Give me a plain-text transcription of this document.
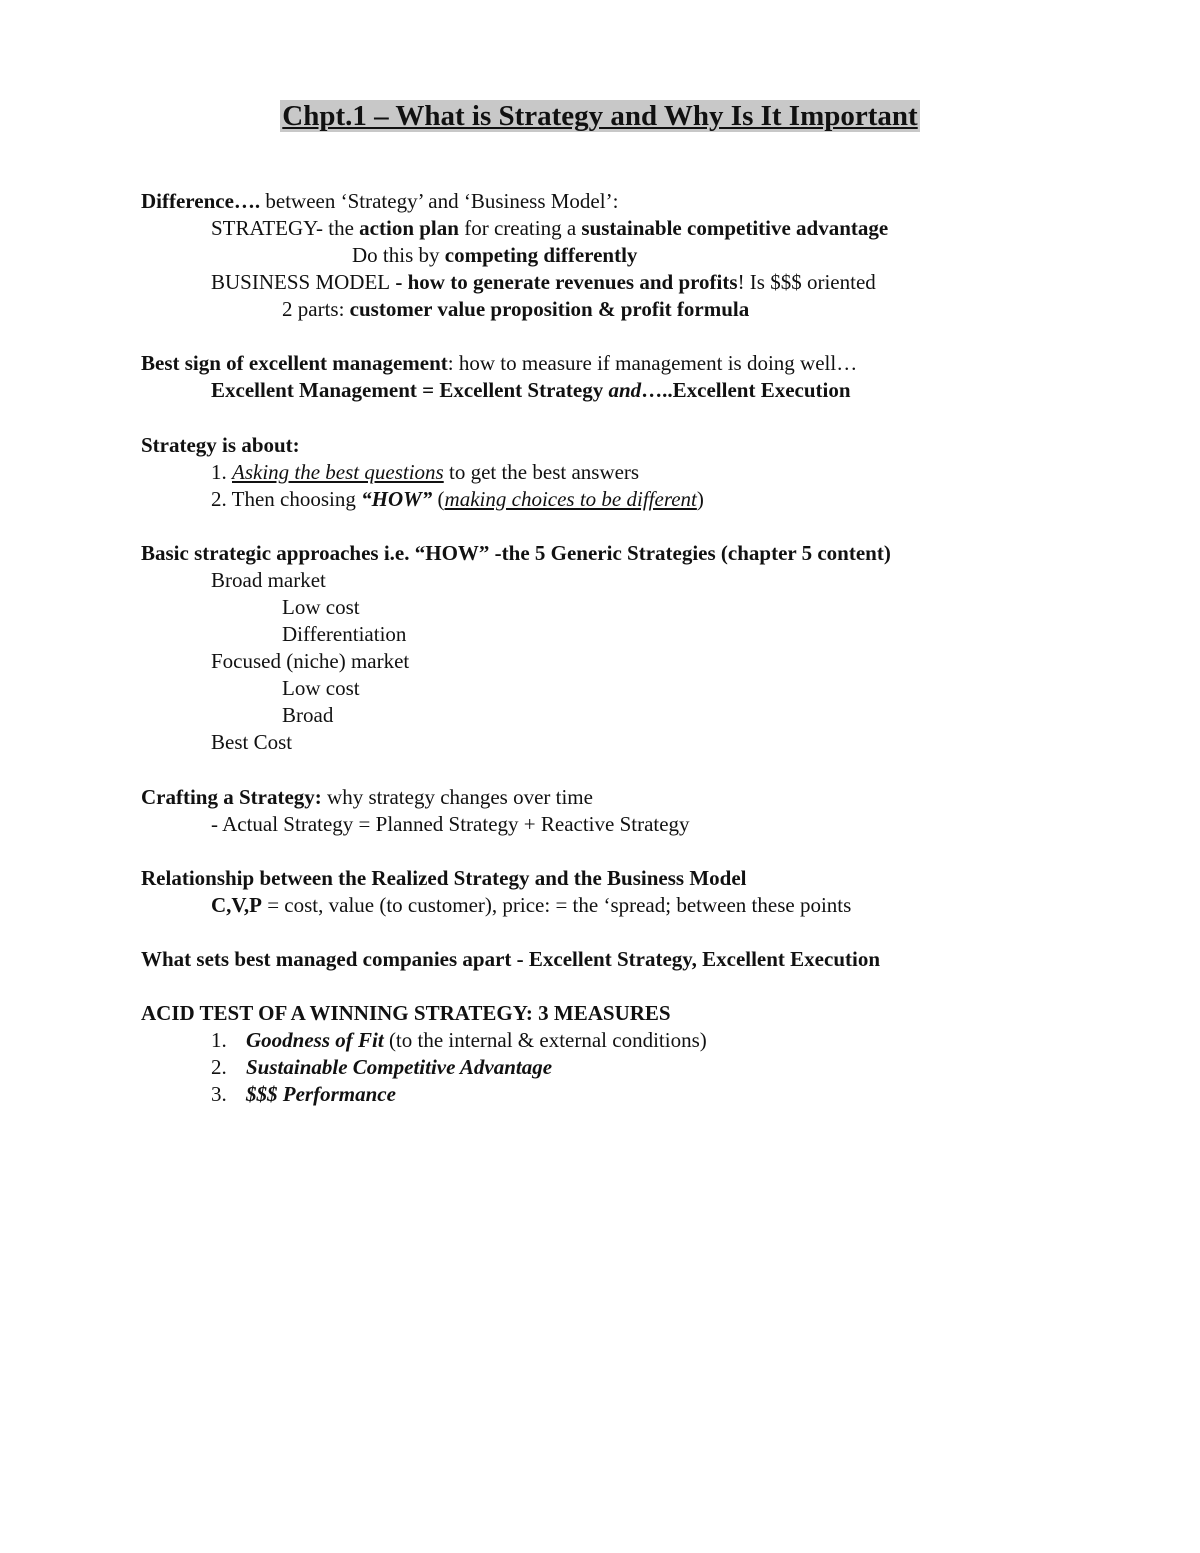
Chpt.1 – What is Strategy and Why Is It Important
Difference…. between ‘Strategy’ and ‘Business Model’:
STRATEGY- the action plan for creating a sustainable competitive advantage
Do this by competing differently
BUSINESS MODEL - how to generate revenues and profits! Is $$$ oriented
2 parts: customer value proposition & profit formula
Best sign of excellent management: how to measure if management is doing well…
Excellent Management = Excellent Strategy and…..Excellent Execution
Strategy is about:
1. Asking the best questions to get the best answers
2. Then choosing “HOW” (making choices to be different)
Basic strategic approaches i.e. “HOW” -the 5 Generic Strategies (chapter 5 content)
Broad market
Low cost
Differentiation
Focused (niche) market
Low cost
Broad
Best Cost
Crafting a Strategy: why strategy changes over time
- Actual Strategy = Planned Strategy + Reactive Strategy
Relationship between the Realized Strategy and the Business Model
C,V,P = cost, value (to customer), price: = the ‘spread; between these points
What sets best managed companies apart - Excellent Strategy, Excellent Execution
ACID TEST OF A WINNING STRATEGY: 3 MEASURES
1. Goodness of Fit (to the internal & external conditions)
2. Sustainable Competitive Advantage
3. $$$ Performance
